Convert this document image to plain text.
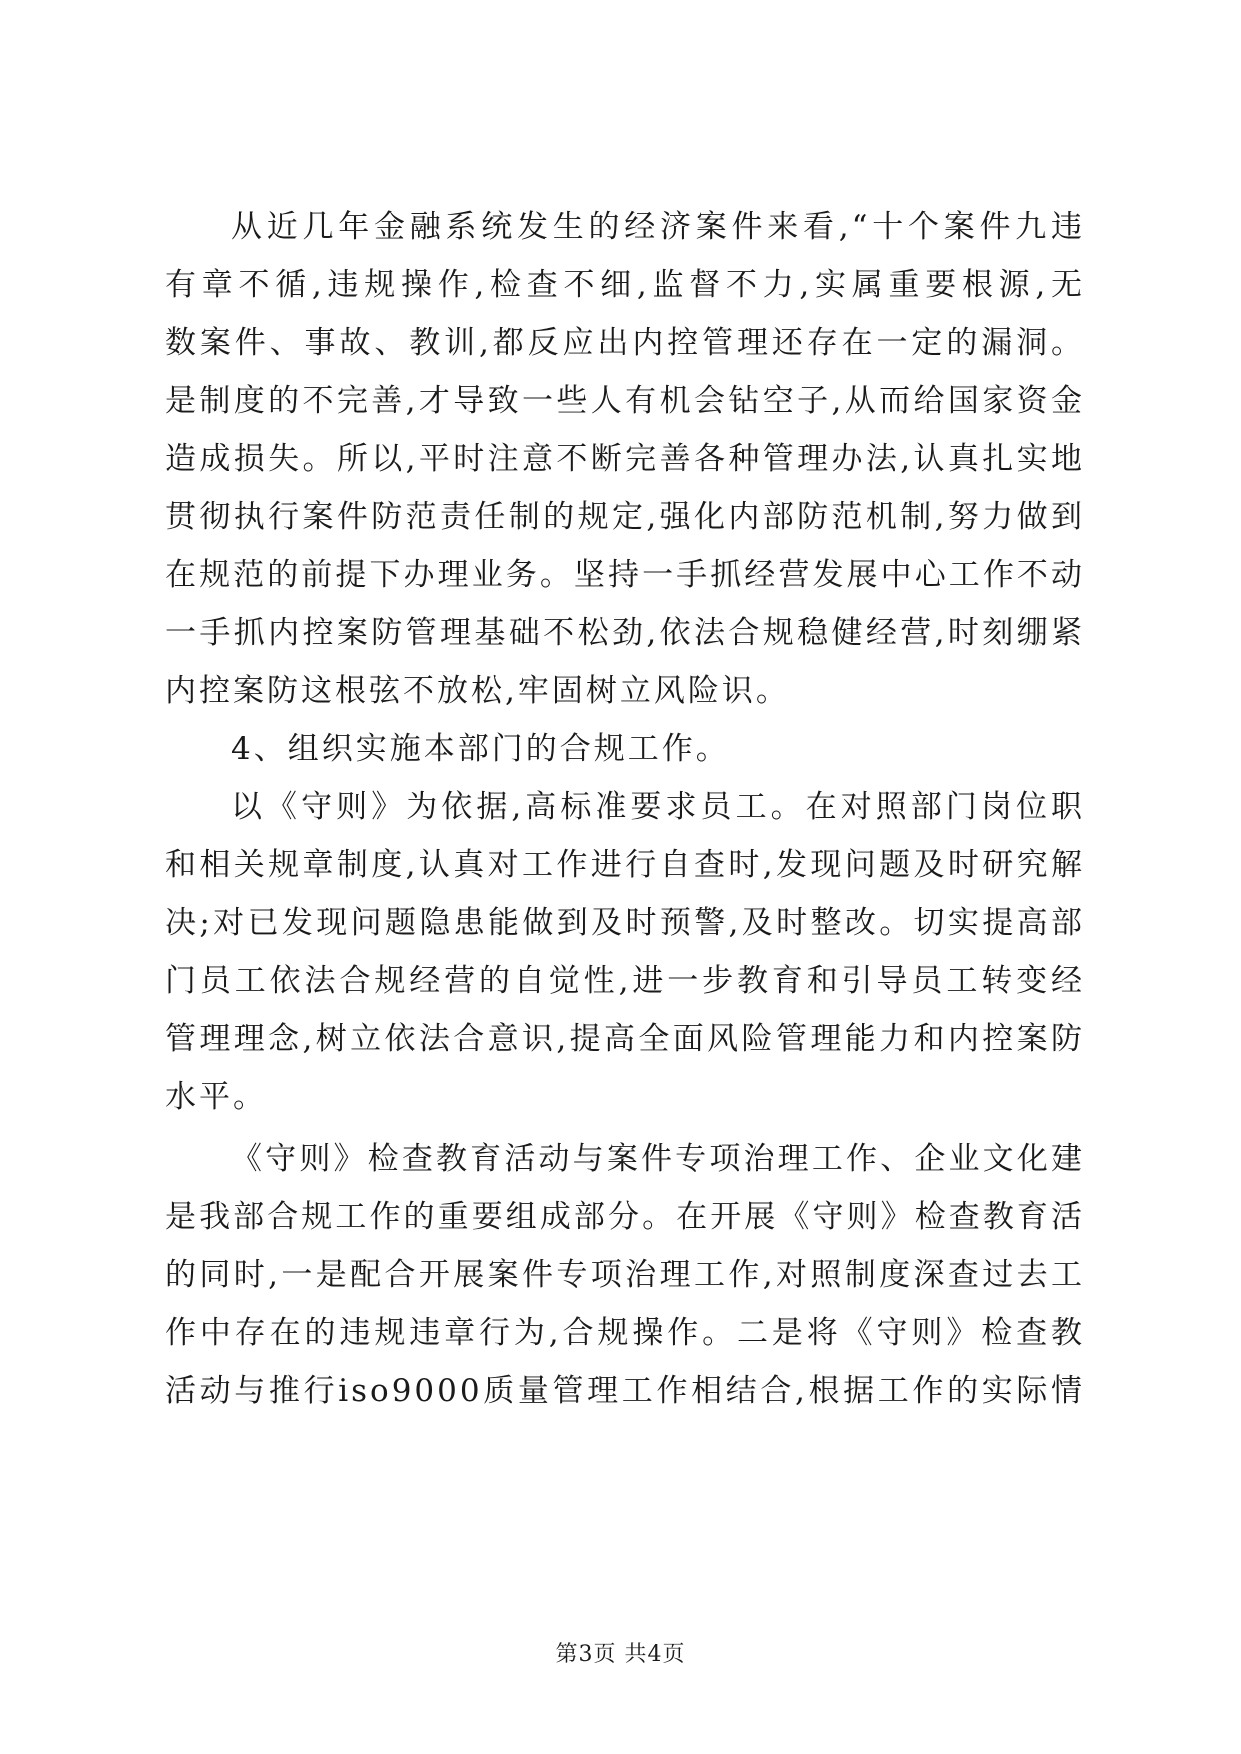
从近几年金融系统发生的经济案件来看,“十个案件九违
有章不循,违规操作,检查不细,监督不力,实属重要根源,无
数案件、事故、教训,都反应出内控管理还存在一定的漏洞。
是制度的不完善,才导致一些人有机会钻空子,从而给国家资金
造成损失。所以,平时注意不断完善各种管理办法,认真扎实地
贯彻执行案件防范责任制的规定,强化内部防范机制,努力做到
在规范的前提下办理业务。坚持一手抓经营发展中心工作不动
一手抓内控案防管理基础不松劲,依法合规稳健经营,时刻绷紧
内控案防这根弦不放松,牢固树立风险识。
4、组织实施本部门的合规工作。
以《守则》为依据,高标准要求员工。在对照部门岗位职
和相关规章制度,认真对工作进行自查时,发现问题及时研究解
决;对已发现问题隐患能做到及时预警,及时整改。切实提高部
门员工依法合规经营的自觉性,进一步教育和引导员工转变经
管理理念,树立依法合意识,提高全面风险管理能力和内控案防
水平。
《守则》检查教育活动与案件专项治理工作、企业文化建
是我部合规工作的重要组成部分。在开展《守则》检查教育活
的同时,一是配合开展案件专项治理工作,对照制度深查过去工
作中存在的违规违章行为,合规操作。二是将《守则》检查教
活动与推行iso9000质量管理工作相结合,根据工作的实际情
第3页 共4页
